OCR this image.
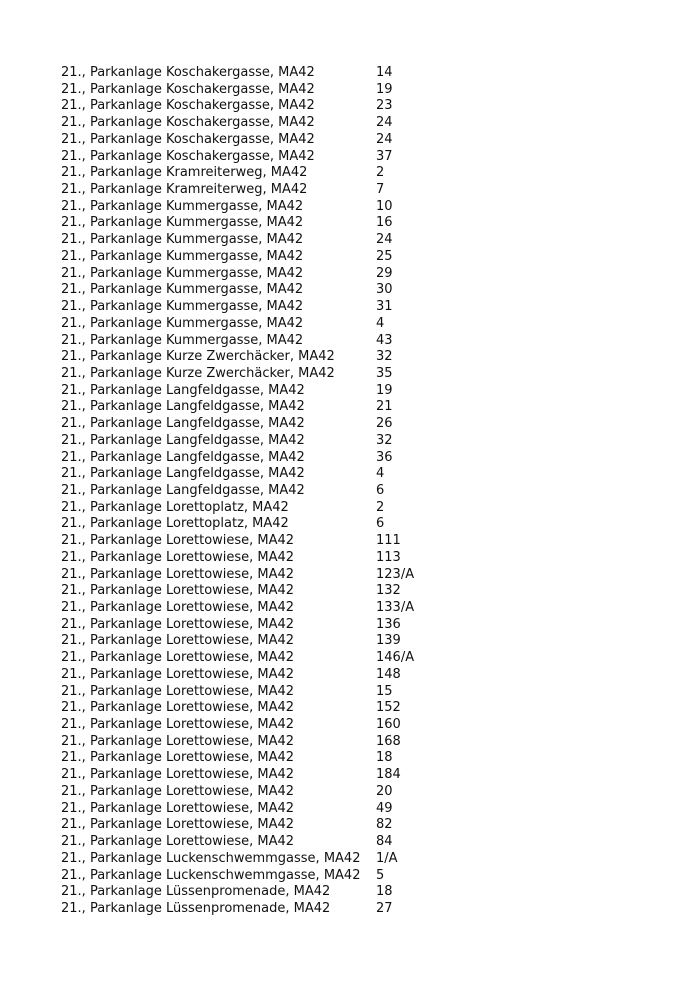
21., Parkanlage Koschakergasse, MA42	14
21., Parkanlage Koschakergasse, MA42	19
21., Parkanlage Koschakergasse, MA42	23
21., Parkanlage Koschakergasse, MA42	24
21., Parkanlage Koschakergasse, MA42	24
21., Parkanlage Koschakergasse, MA42	37
21., Parkanlage Kramreiterweg, MA42	2
21., Parkanlage Kramreiterweg, MA42	7
21., Parkanlage Kummergasse, MA42	10
21., Parkanlage Kummergasse, MA42	16
21., Parkanlage Kummergasse, MA42	24
21., Parkanlage Kummergasse, MA42	25
21., Parkanlage Kummergasse, MA42	29
21., Parkanlage Kummergasse, MA42	30
21., Parkanlage Kummergasse, MA42	31
21., Parkanlage Kummergasse, MA42	4
21., Parkanlage Kummergasse, MA42	43
21., Parkanlage Kurze Zwerchäcker, MA42	32
21., Parkanlage Kurze Zwerchäcker, MA42	35
21., Parkanlage Langfeldgasse, MA42	19
21., Parkanlage Langfeldgasse, MA42	21
21., Parkanlage Langfeldgasse, MA42	26
21., Parkanlage Langfeldgasse, MA42	32
21., Parkanlage Langfeldgasse, MA42	36
21., Parkanlage Langfeldgasse, MA42	4
21., Parkanlage Langfeldgasse, MA42	6
21., Parkanlage Lorettoplatz, MA42	2
21., Parkanlage Lorettoplatz, MA42	6
21., Parkanlage Lorettowiese, MA42	111
21., Parkanlage Lorettowiese, MA42	113
21., Parkanlage Lorettowiese, MA42	123/A
21., Parkanlage Lorettowiese, MA42	132
21., Parkanlage Lorettowiese, MA42	133/A
21., Parkanlage Lorettowiese, MA42	136
21., Parkanlage Lorettowiese, MA42	139
21., Parkanlage Lorettowiese, MA42	146/A
21., Parkanlage Lorettowiese, MA42	148
21., Parkanlage Lorettowiese, MA42	15
21., Parkanlage Lorettowiese, MA42	152
21., Parkanlage Lorettowiese, MA42	160
21., Parkanlage Lorettowiese, MA42	168
21., Parkanlage Lorettowiese, MA42	18
21., Parkanlage Lorettowiese, MA42	184
21., Parkanlage Lorettowiese, MA42	20
21., Parkanlage Lorettowiese, MA42	49
21., Parkanlage Lorettowiese, MA42	82
21., Parkanlage Lorettowiese, MA42	84
21., Parkanlage Luckenschwemmgasse, MA42	1/A
21., Parkanlage Luckenschwemmgasse, MA42	5
21., Parkanlage Lüssenpromenade, MA42	18
21., Parkanlage Lüssenpromenade, MA42	27
